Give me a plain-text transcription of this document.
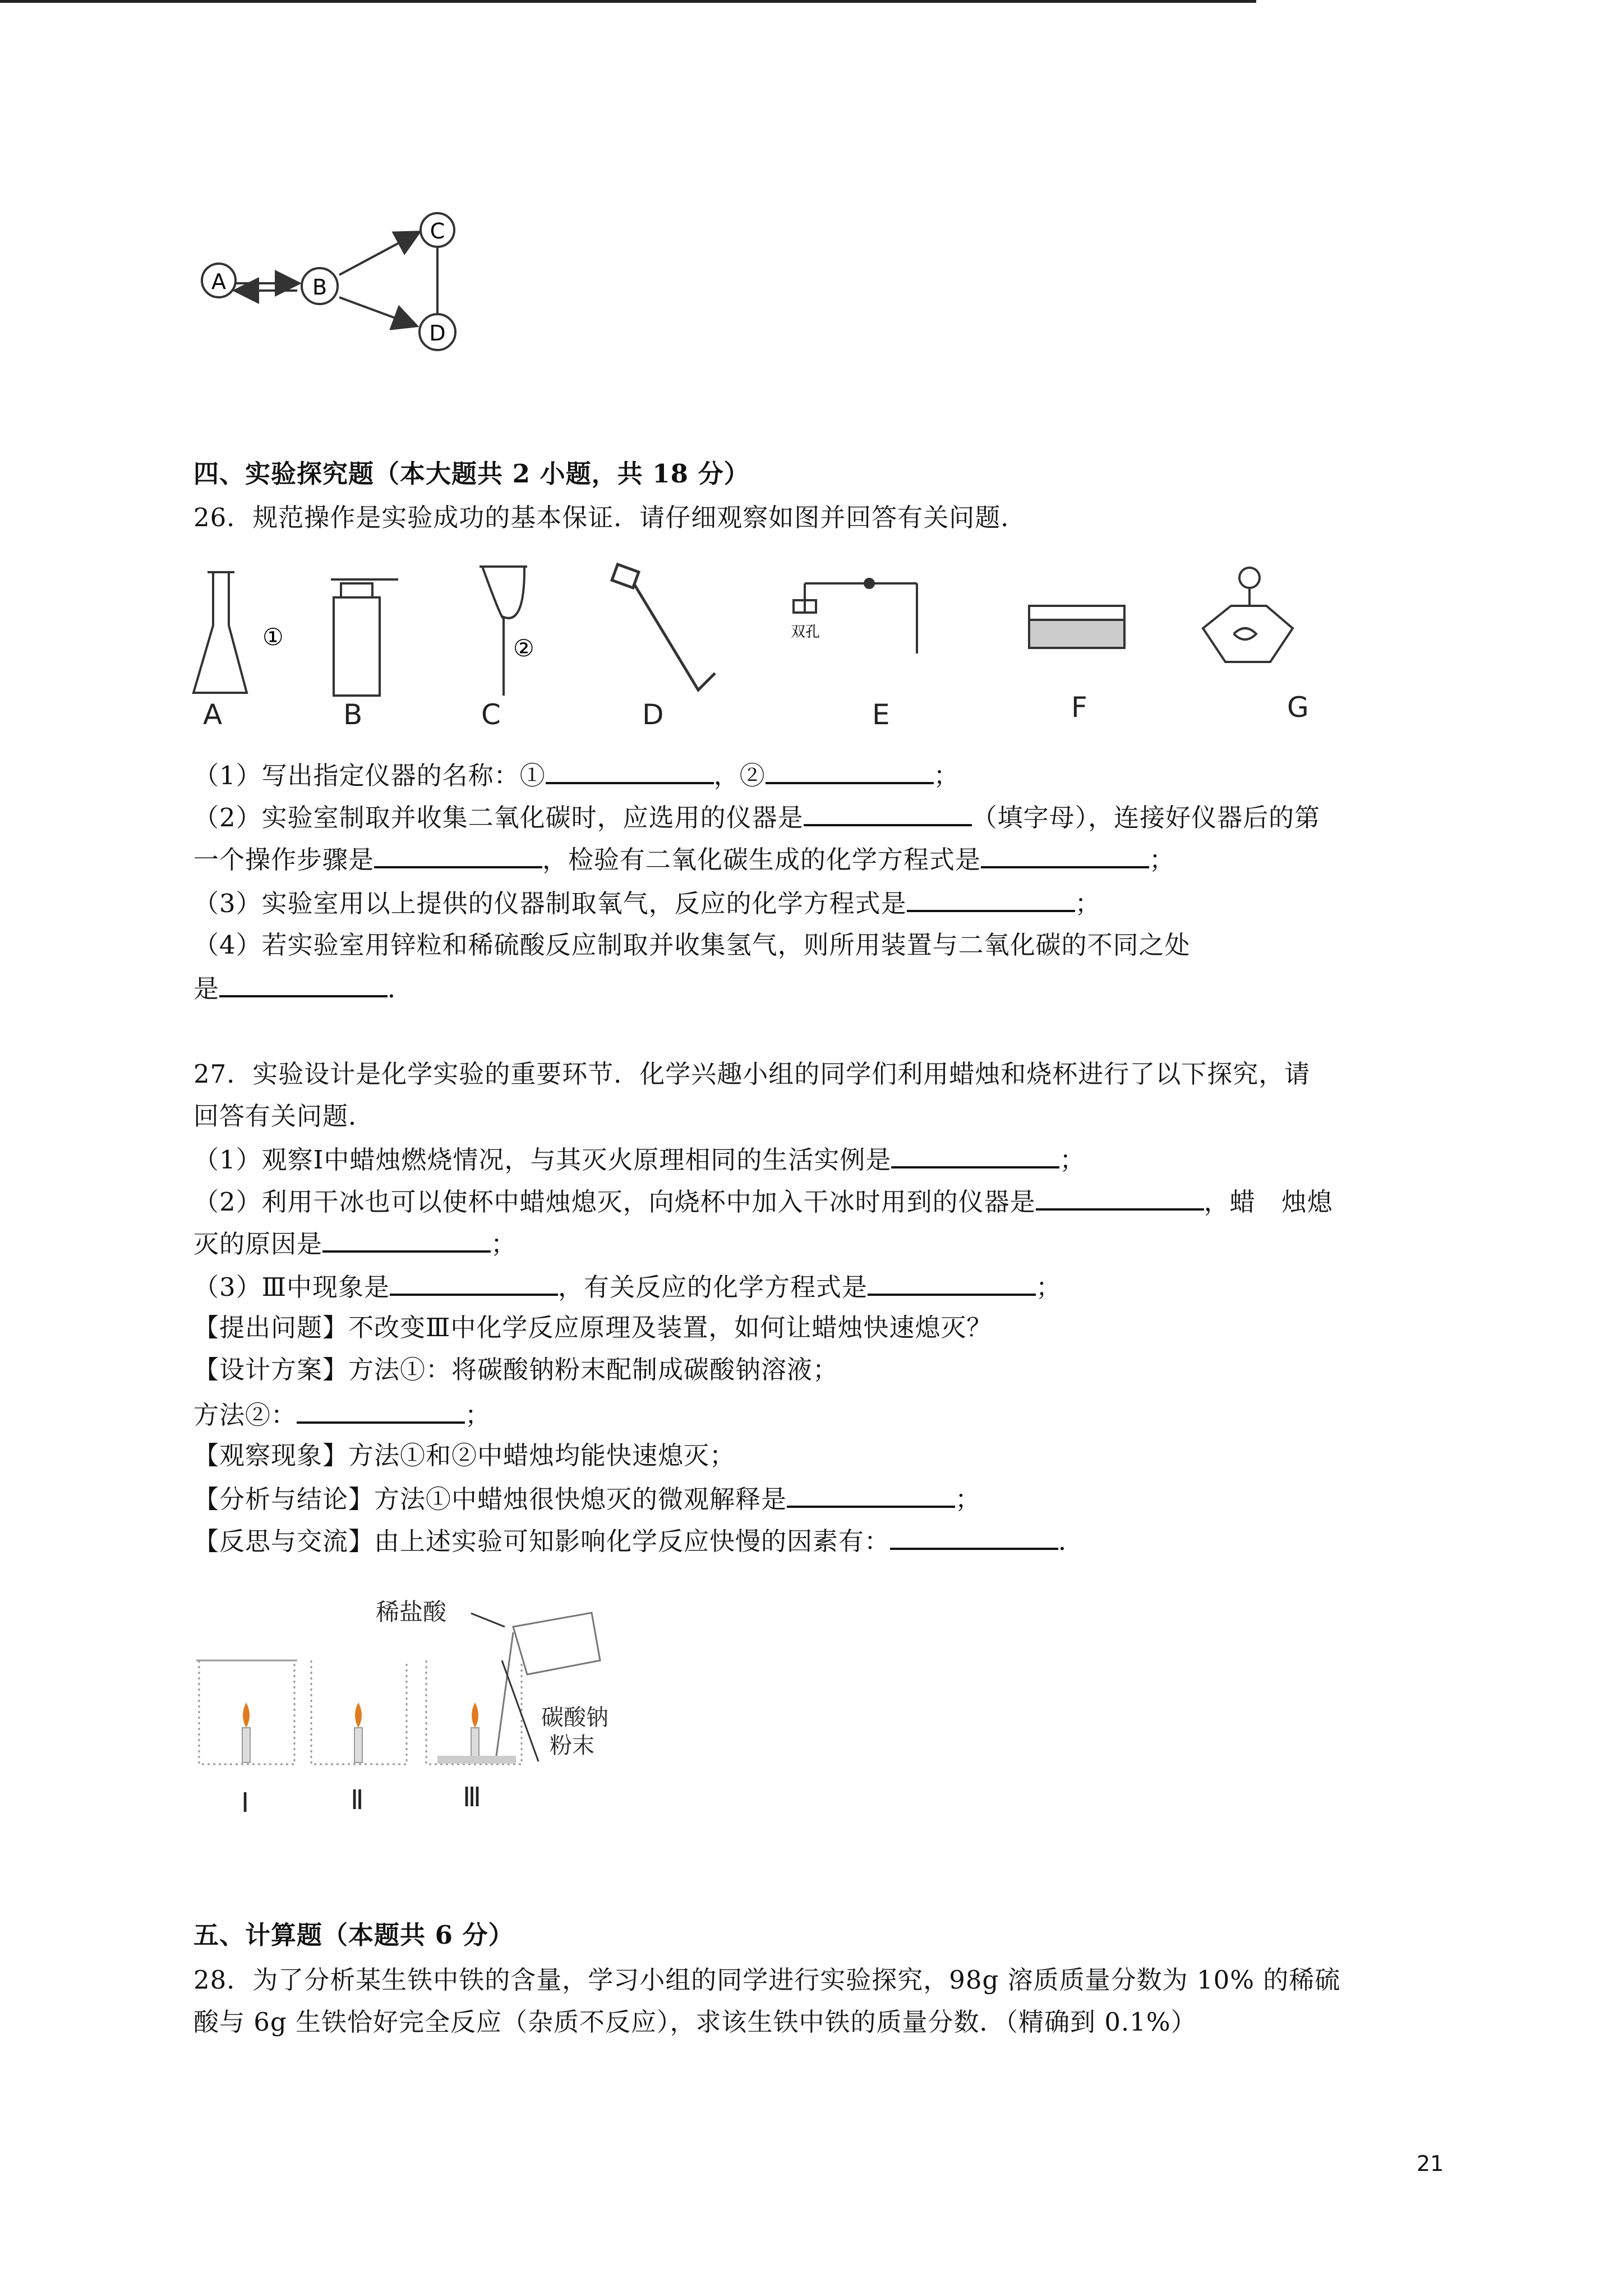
A	B
C
D
四、实验探究题（本大题共 2 小题，共 18 分）
26．规范操作是实验成功的基本保证．请仔细观察如图并回答有关问题．
①	②
双孔
A	B	C	D	E	F	G
（1）写出指定仪器的名称：①	，②	；
（2）实验室制取并收集二氧化碳时，应选用的仪器是	（填字母），连接好仪器后的第
一个操作步骤是	，检验有二氧化碳生成的化学方程式是	；
（3）实验室用以上提供的仪器制取氧气，反应的化学方程式是	；
（4）若实验室用锌粒和稀硫酸反应制取并收集氢气，则所用装置与二氧化碳的不同之处
是	．
27．实验设计是化学实验的重要环节．化学兴趣小组的同学们利用蜡烛和烧杯进行了以下探究，请
回答有关问题．
（1）观察Ⅰ中蜡烛燃烧情况，与其灭火原理相同的生活实例是	；
（2）利用干冰也可以使杯中蜡烛熄灭，向烧杯中加入干冰时用到的仪器是	，蜡　烛熄
灭的原因是	；
（3）Ⅲ中现象是	，有关反应的化学方程式是	；
【提出问题】不改变Ⅲ中化学反应原理及装置，如何让蜡烛快速熄灭？
【设计方案】方法①：将碳酸钠粉末配制成碳酸钠溶液；
方法②：	；
【观察现象】方法①和②中蜡烛均能快速熄灭；
【分析与结论】方法①中蜡烛很快熄灭的微观解释是	；
【反思与交流】由上述实验可知影响化学反应快慢的因素有：	．
稀盐酸
碳酸钠
粉末
Ⅰ	Ⅱ	Ⅲ
五、计算题（本题共 6 分）
28．为了分析某生铁中铁的含量，学习小组的同学进行实验探究，98g 溶质质量分数为 10% 的稀硫
酸与 6g 生铁恰好完全反应（杂质不反应），求该生铁中铁的质量分数．（精确到 0.1%）
21
